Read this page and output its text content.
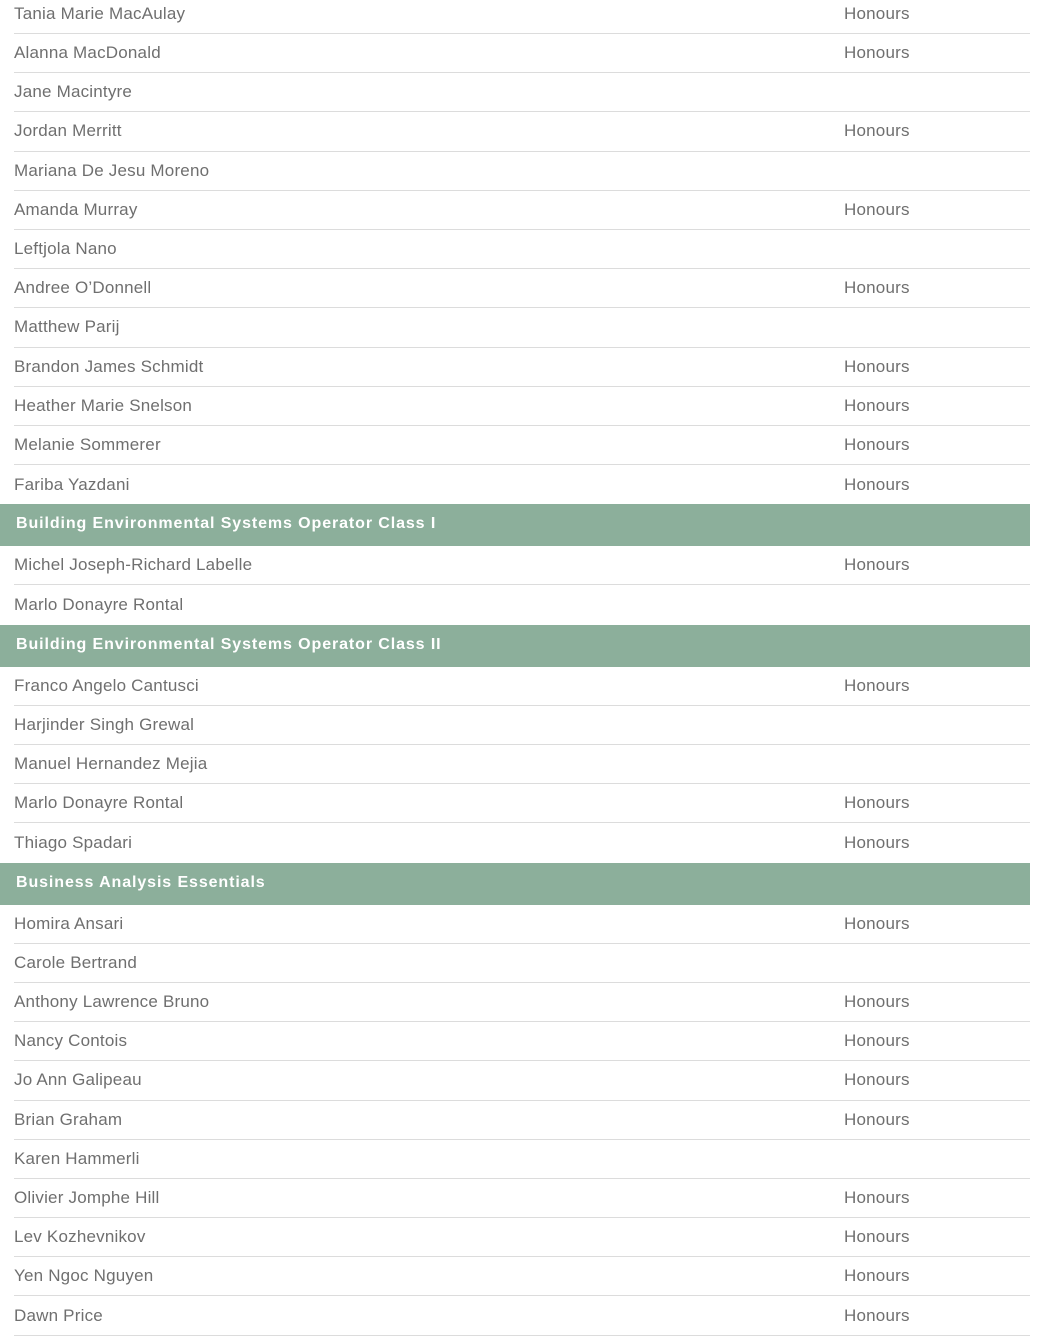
Tania Marie MacAulay	Honours
Alanna MacDonald	Honours
Jane Macintyre
Jordan Merritt	Honours
Mariana De Jesu Moreno
Amanda Murray	Honours
Leftjola Nano
Andree O’Donnell	Honours
Matthew Parij
Brandon James Schmidt	Honours
Heather Marie Snelson	Honours
Melanie Sommerer	Honours
Fariba Yazdani	Honours
Building Environmental Systems Operator Class I
Michel Joseph-Richard Labelle	Honours
Marlo Donayre Rontal
Building Environmental Systems Operator Class II
Franco Angelo Cantusci	Honours
Harjinder Singh Grewal
Manuel Hernandez Mejia
Marlo Donayre Rontal	Honours
Thiago Spadari	Honours
Business Analysis Essentials
Homira Ansari	Honours
Carole Bertrand
Anthony Lawrence Bruno	Honours
Nancy Contois	Honours
Jo Ann Galipeau	Honours
Brian Graham	Honours
Karen Hammerli
Olivier Jomphe Hill	Honours
Lev Kozhevnikov	Honours
Yen Ngoc Nguyen	Honours
Dawn Price	Honours
